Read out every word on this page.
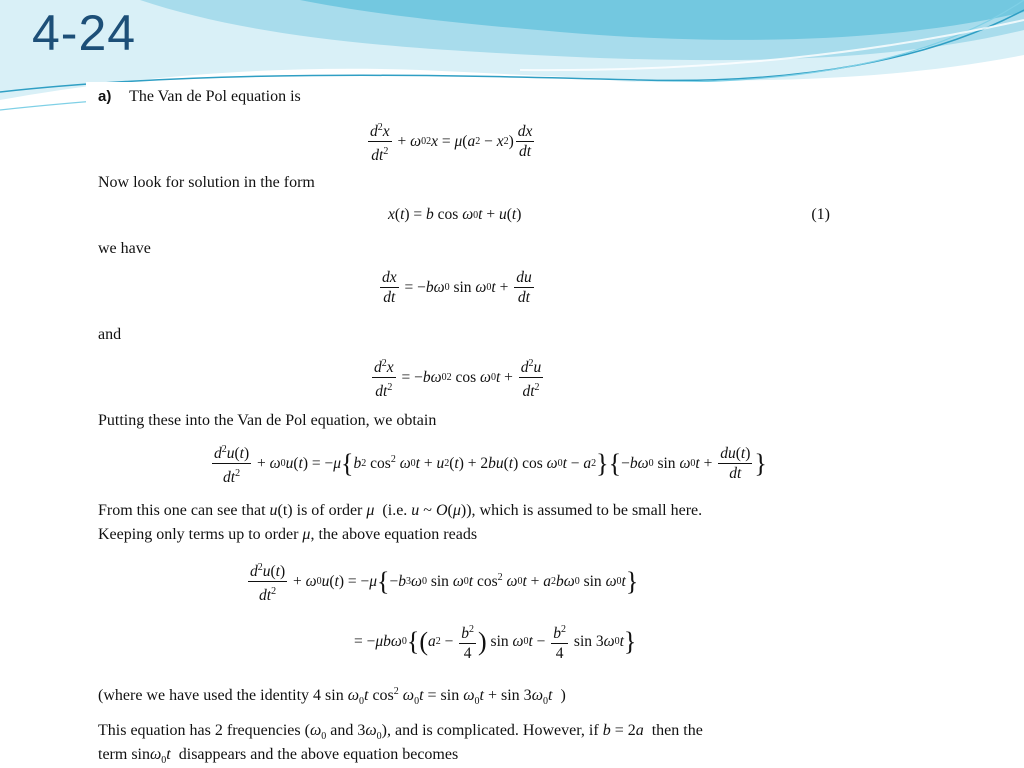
4-24
a) The Van de Pol equation is
$\frac{d^2x}{dt^2} + \omega$ 0 2 x = μ ( a 2 − x 2 ) $\frac{dx}{dt}$
Now look for solution in the form
x ( t ) = b cos ω 0 t + u ( t )	(1)
we have
$\frac{dx}{dt}$ = − bω 0 sin ω 0 $t + \frac{du}{dt}$
and
$\frac{d^2x}{dt^2}$ = − bω 0 2 cos ω 0 $t + \frac{d^2u}{dt^2}$
Putting these into the Van de Pol equation, we obtain
$\frac{d^2u(t)}{dt^2} + \omega$ 0 u ( t ) = − μ { b 2 $\cos^2 \omega$ 0 t + u 2 ( t ) + 2 bu ( t ) cos ω 0 t − a 2 } { − bω 0 sin ω 0 $t + \frac{du(t)}{dt}$ }
From this one can see that u(t) is of order μ (i.e. u ~ O(μ)), which is assumed to be small here.
Keeping only terms up to order μ, the above equation reads
$\frac{d^2u(t)}{dt^2} + \omega$ 0 u ( t ) = − μ { − b 3 ω 0 sin ω 0 t $\cos^2 \omega$ 0 t + a 2 bω 0 sin ω 0 t }
= − μbω 0 { ( a $2 - \frac{b^2}{4}$ ) sin ω 0 $t - \frac{b^2}{4}$ sin 3 ω 0 t }
(where we have used the identity 4 $\sin \omega_0t$ $\cos^2 \omega_0t = \sin \omega_0t + \sin 3\omega_0t$ )
This equation has 2 frequencies ($\omega_0$ and $3\omega_0$), and is complicated. However, if b = 2a then the
term sinω$_0$t disappears and the above equation becomes
